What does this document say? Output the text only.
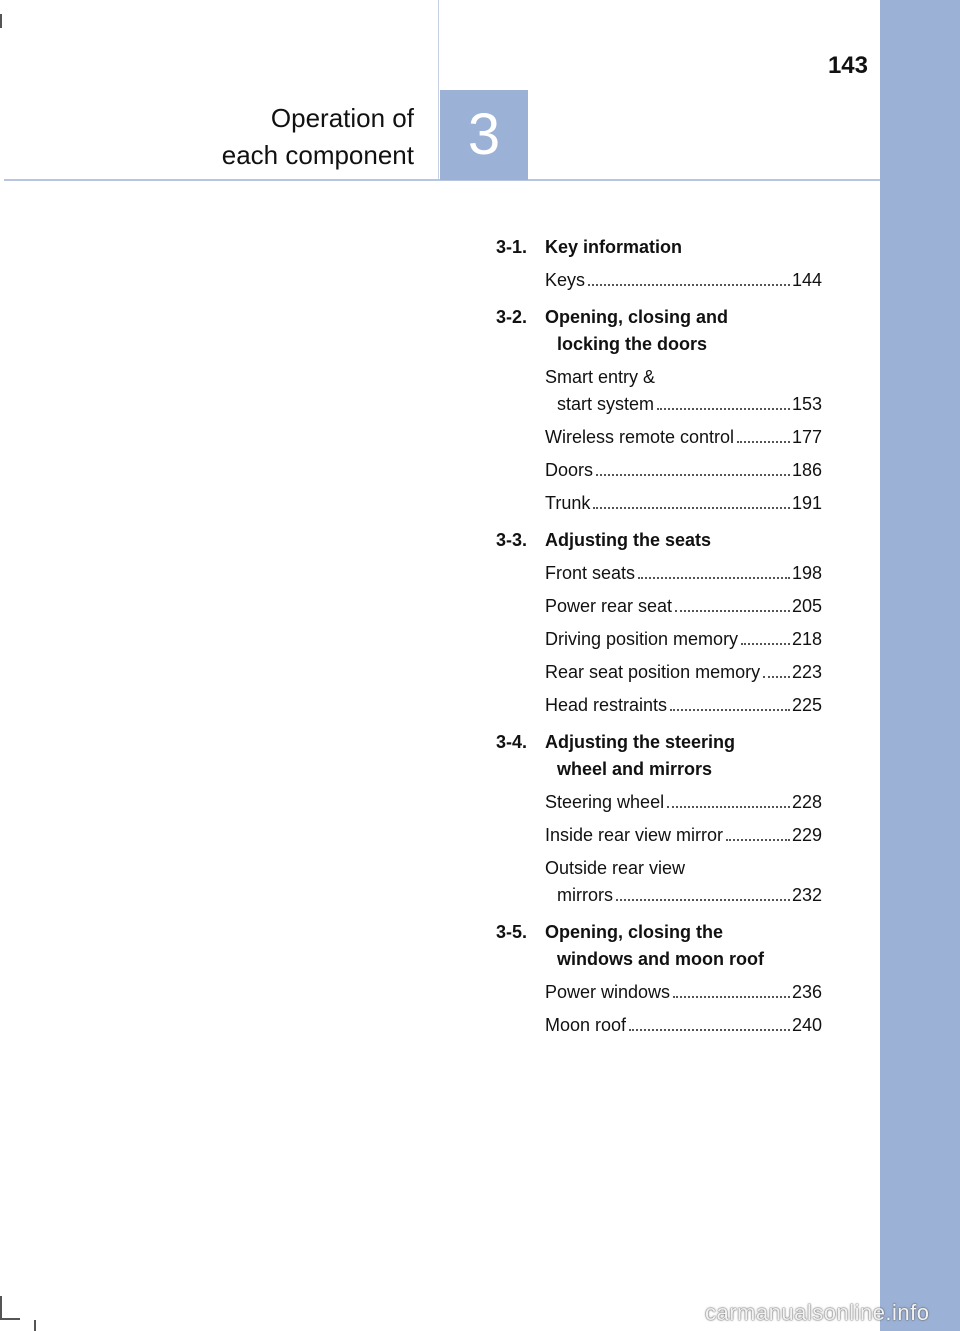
143
Operation of
each component 3
3-1. Key information
Keys	144
3-2. Opening, closing and
locking the doors
Smart entry &
start system	153
Wireless remote control	177
Doors	186
Trunk	191
3-3. Adjusting the seats
Front seats	198
Power rear seat	205
Driving position memory	218
Rear seat position memory 223
Head restraints	225
3-4. Adjusting the steering
wheel and mirrors
Steering wheel	228
Inside rear view mirror	229
Outside rear view
mirrors	232
3-5. Opening, closing the
windows and moon roof
Power windows	236
Moon roof	240
carmanualsonline.info
